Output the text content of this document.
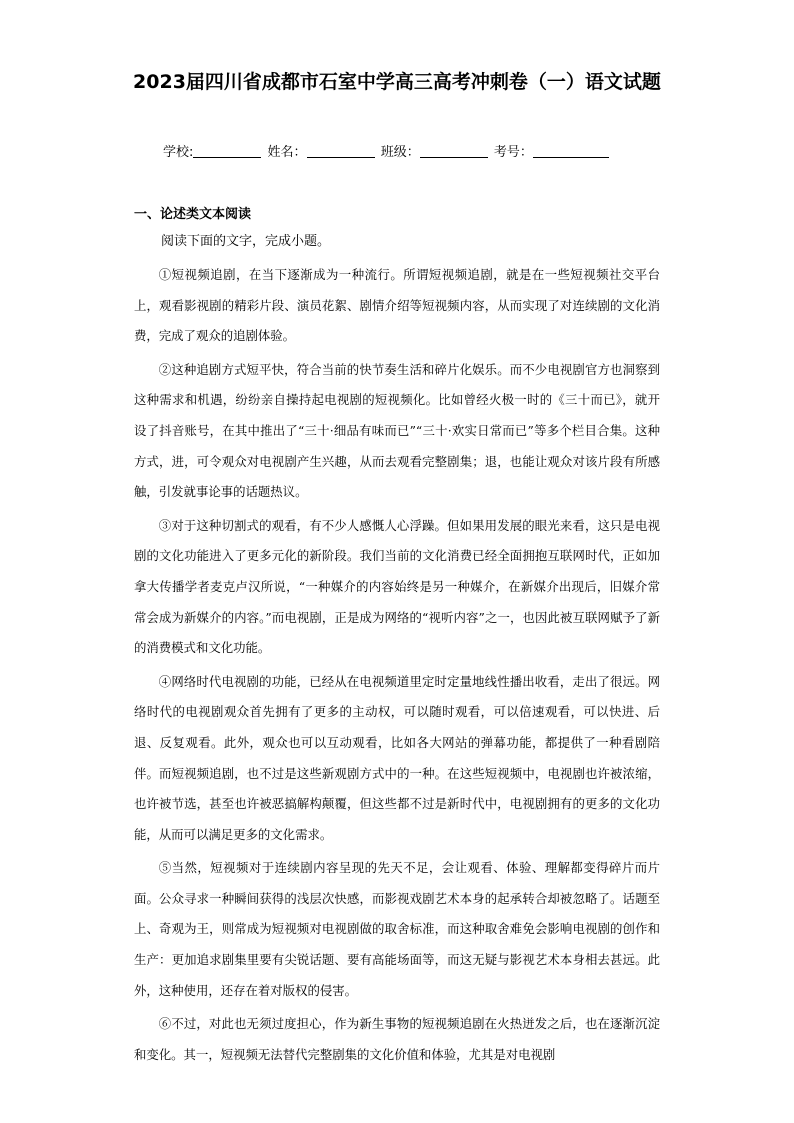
2023届四川省成都市石室中学高三高考冲刺卷（一）语文试题
学校:	姓名：	班级：	考号：
一、论述类文本阅读

阅读下面的文字，完成小题。

①短视频追剧，在当下逐渐成为一种流行。所谓短视频追剧，就是在一些短视频社交平台上，观看影视剧的精彩片段、演员花絮、剧情介绍等短视频内容，从而实现了对连续剧的文化消费，完成了观众的追剧体验。

②这种追剧方式短平快，符合当前的快节奏生活和碎片化娱乐。而不少电视剧官方也洞察到这种需求和机遇，纷纷亲自操持起电视剧的短视频化。比如曾经火极一时的《三十而已》，就开设了抖音账号，在其中推出了“三十·细品有味而已”“三十·欢实日常而已”等多个栏目合集。这种方式，进，可令观众对电视剧产生兴趣，从而去观看完整剧集；退，也能让观众对该片段有所感触，引发就事论事的话题热议。

③对于这种切割式的观看，有不少人感慨人心浮躁。但如果用发展的眼光来看，这只是电视剧的文化功能进入了更多元化的新阶段。我们当前的文化消费已经全面拥抱互联网时代，正如加拿大传播学者麦克卢汉所说，“一种媒介的内容始终是另一种媒介，在新媒介出现后，旧媒介常常会成为新媒介的内容。”而电视剧，正是成为网络的“视听内容”之一，也因此被互联网赋予了新的消费模式和文化功能。

④网络时代电视剧的功能，已经从在电视频道里定时定量地线性播出收看，走出了很远。网络时代的电视剧观众首先拥有了更多的主动权，可以随时观看，可以倍速观看，可以快进、后退、反复观看。此外，观众也可以互动观看，比如各大网站的弹幕功能，都提供了一种看剧陪伴。而短视频追剧，也不过是这些新观剧方式中的一种。在这些短视频中，电视剧也许被浓缩，也许被节选，甚至也许被恶搞解构颠覆，但这些都不过是新时代中，电视剧拥有的更多的文化功能，从而可以满足更多的文化需求。

⑤当然，短视频对于连续剧内容呈现的先天不足，会让观看、体验、理解都变得碎片而片面。公众寻求一种瞬间获得的浅层次快感，而影视戏剧艺术本身的起承转合却被忽略了。话题至上、奇观为王，则常成为短视频对电视剧做的取舍标准，而这种取舍难免会影响电视剧的创作和生产：更加追求剧集里要有尖锐话题、要有高能场面等，而这无疑与影视艺术本身相去甚远。此外，这种使用，还存在着对版权的侵害。

⑥不过，对此也无须过度担心，作为新生事物的短视频追剧在火热迸发之后，也在逐渐沉淀和变化。其一，短视频无法替代完整剧集的文化价值和体验，尤其是对电视剧
